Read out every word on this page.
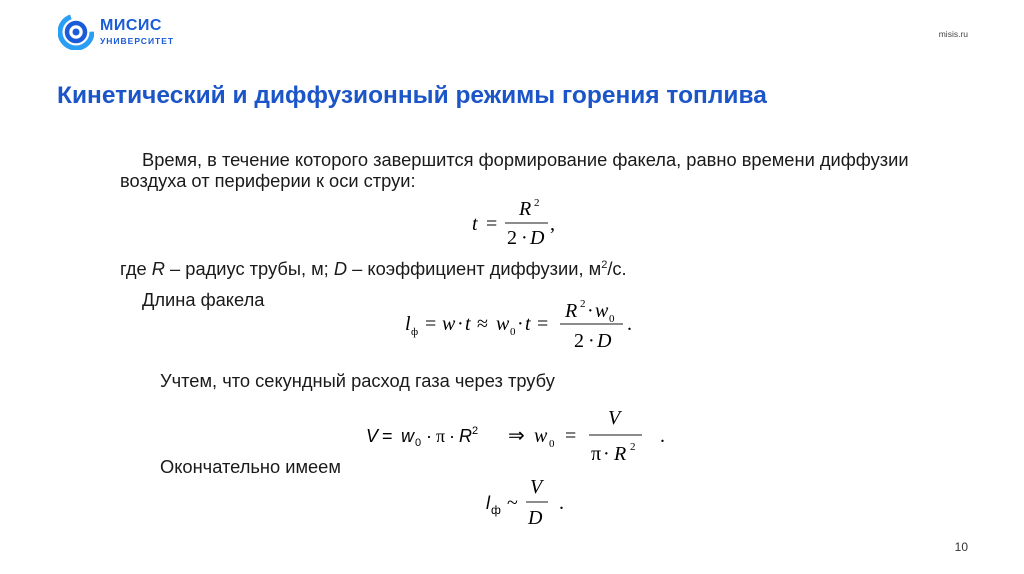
МИСИС
УНИВЕРСИТЕТ
misis.ru
Кинетический и диффузионный режимы горения топлива
Время, в течение которого завершится формирование факела, равно времени диффузии воздуха от периферии к оси струи:
t =
R 2
2 · D
,
где R – радиус трубы, м; D – коэффициент диффузии, $м^2/с$.
Длина факела
l ф = w · t ≈ w 0 · t =
R 2 · w 0
2 · D
.
Учтем, что секундный расход газа через трубу
V = w 0 · π · R 2 ⇒ w 0 =
V
π · R 2 .
Окончательно имеем
l ф ~
V
D
.
10
